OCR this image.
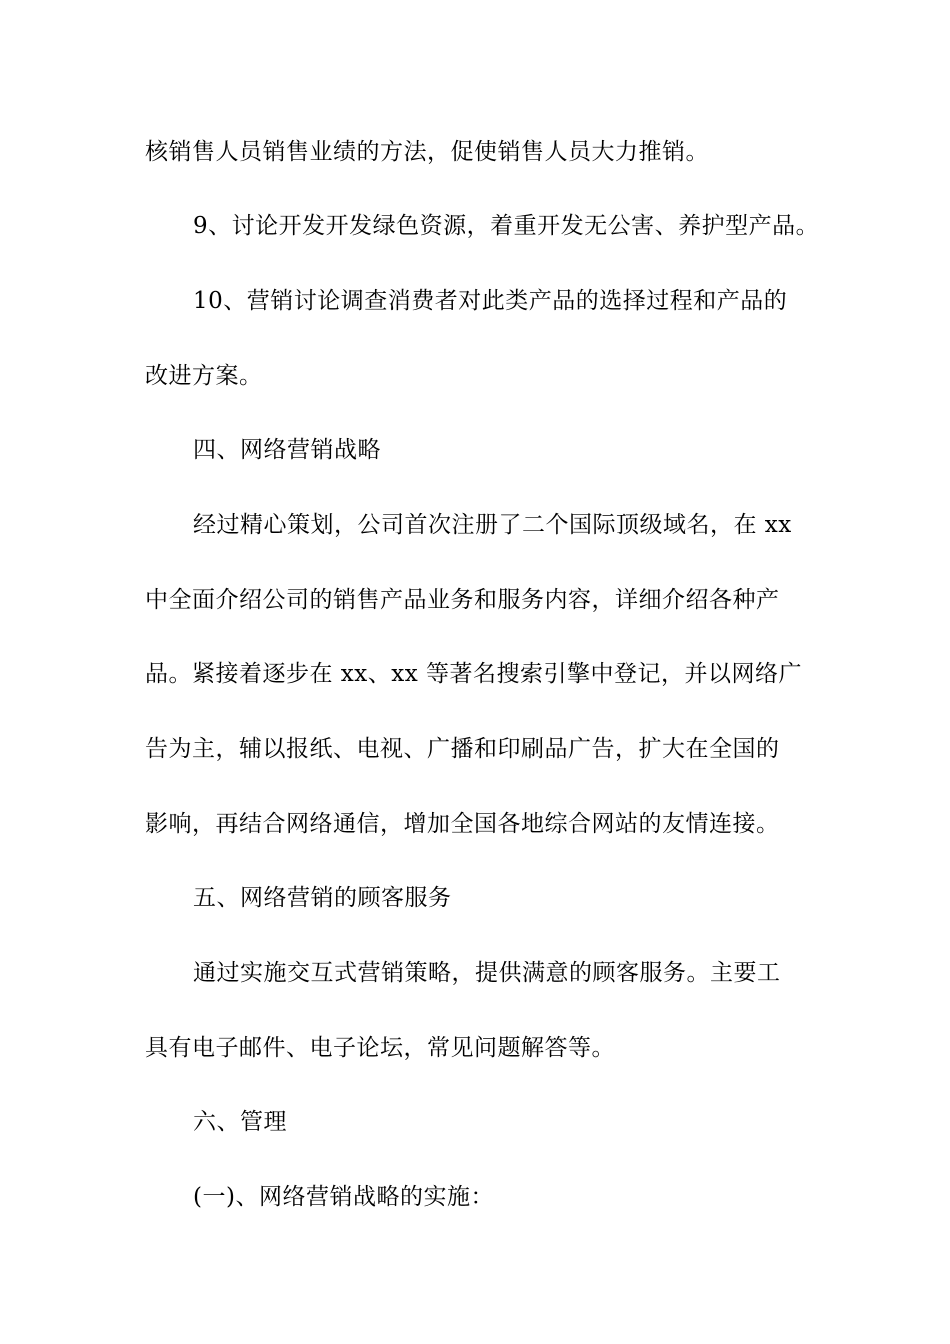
核销售人员销售业绩的方法，促使销售人员大力推销。
9、讨论开发开发绿色资源，着重开发无公害、养护型产品。
10、营销讨论调查消费者对此类产品的选择过程和产品的
改进方案。
四、网络营销战略
经过精心策划，公司首次注册了二个国际顶级域名，在 xx
中全面介绍公司的销售产品业务和服务内容，详细介绍各种产
品。紧接着逐步在 xx、xx 等著名搜索引擎中登记，并以网络广
告为主，辅以报纸、电视、广播和印刷品广告，扩大在全国的
影响，再结合网络通信，增加全国各地综合网站的友情连接。
五、网络营销的顾客服务
通过实施交互式营销策略，提供满意的顾客服务。主要工
具有电子邮件、电子论坛，常见问题解答等。
六、管理
(一)、网络营销战略的实施：
